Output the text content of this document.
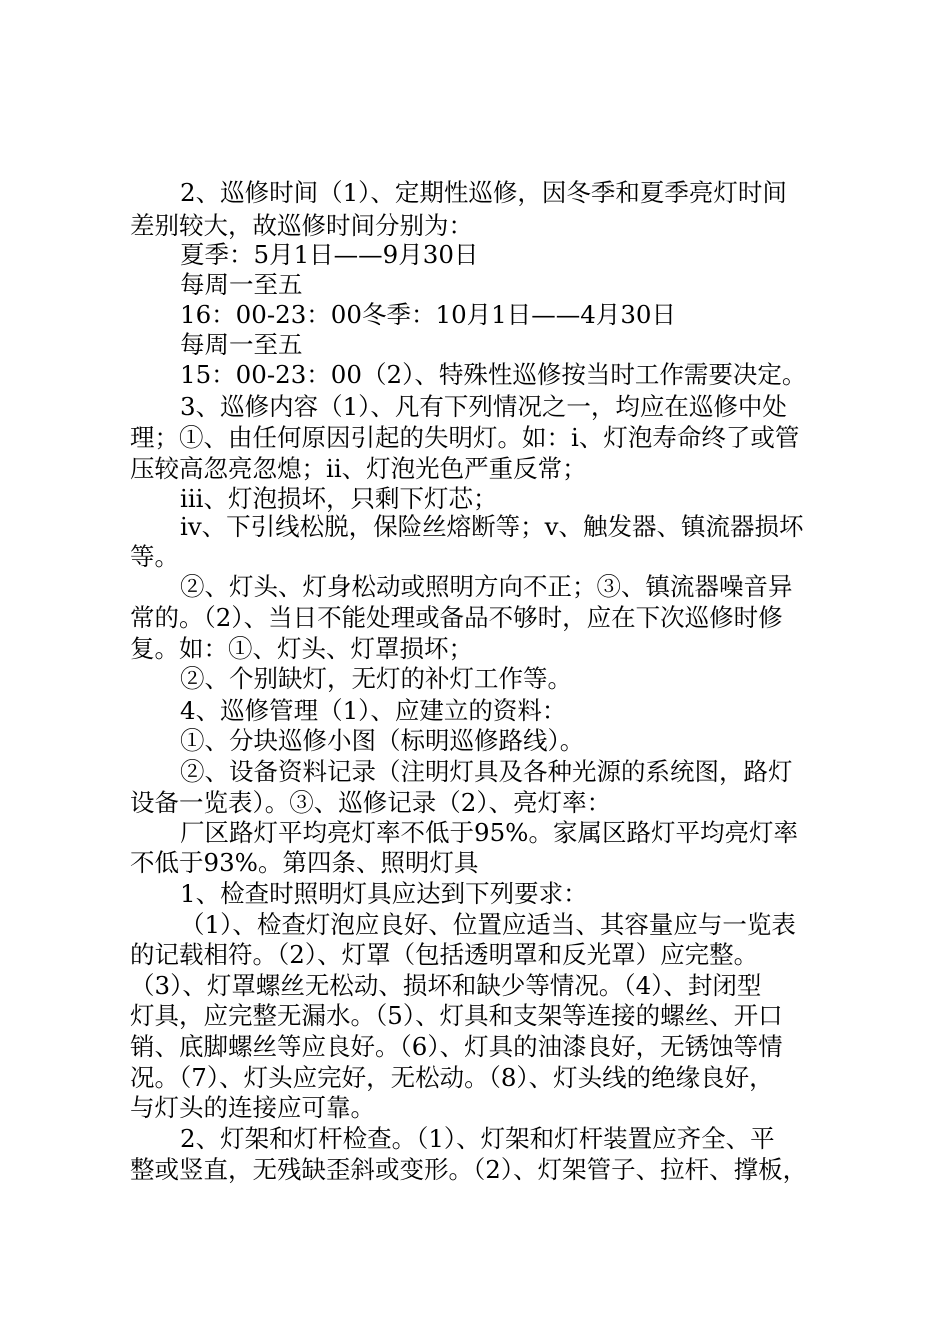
2、巡修时间（1）、定期性巡修，因冬季和夏季亮灯时间
差别较大，故巡修时间分别为：
夏季：5月1日——9月30日
每周一至五
16：00-23：00冬季：10月1日——4月30日
每周一至五
15：00-23：00（2）、特殊性巡修按当时工作需要决定。
3、巡修内容（1）、凡有下列情况之一，均应在巡修中处
理；①、由任何原因引起的失明灯。如：i、灯泡寿命终了或管
压较高忽亮忽熄；ii、灯泡光色严重反常；
iii、灯泡损坏，只剩下灯芯；
iv、下引线松脱，保险丝熔断等；v、触发器、镇流器损坏
等。
②、灯头、灯身松动或照明方向不正；③、镇流器噪音异
常的。（2）、当日不能处理或备品不够时，应在下次巡修时修
复。如：①、灯头、灯罩损坏；
②、个别缺灯，无灯的补灯工作等。
4、巡修管理（1）、应建立的资料：
①、分块巡修小图（标明巡修路线）。
②、设备资料记录（注明灯具及各种光源的系统图，路灯
设备一览表）。③、巡修记录（2）、亮灯率：
厂区路灯平均亮灯率不低于95%。家属区路灯平均亮灯率
不低于93%。第四条、照明灯具
1、检查时照明灯具应达到下列要求：
（1）、检查灯泡应良好、位置应适当、其容量应与一览表
的记载相符。（2）、灯罩（包括透明罩和反光罩）应完整。
（3）、灯罩螺丝无松动、损坏和缺少等情况。（4）、封闭型
灯具，应完整无漏水。（5）、灯具和支架等连接的螺丝、开口
销、底脚螺丝等应良好。（6）、灯具的油漆良好，无锈蚀等情
况。（7）、灯头应完好，无松动。（8）、灯头线的绝缘良好，
与灯头的连接应可靠。
2、灯架和灯杆检查。（1）、灯架和灯杆装置应齐全、平
整或竖直，无残缺歪斜或变形。（2）、灯架管子、拉杆、撑板，
